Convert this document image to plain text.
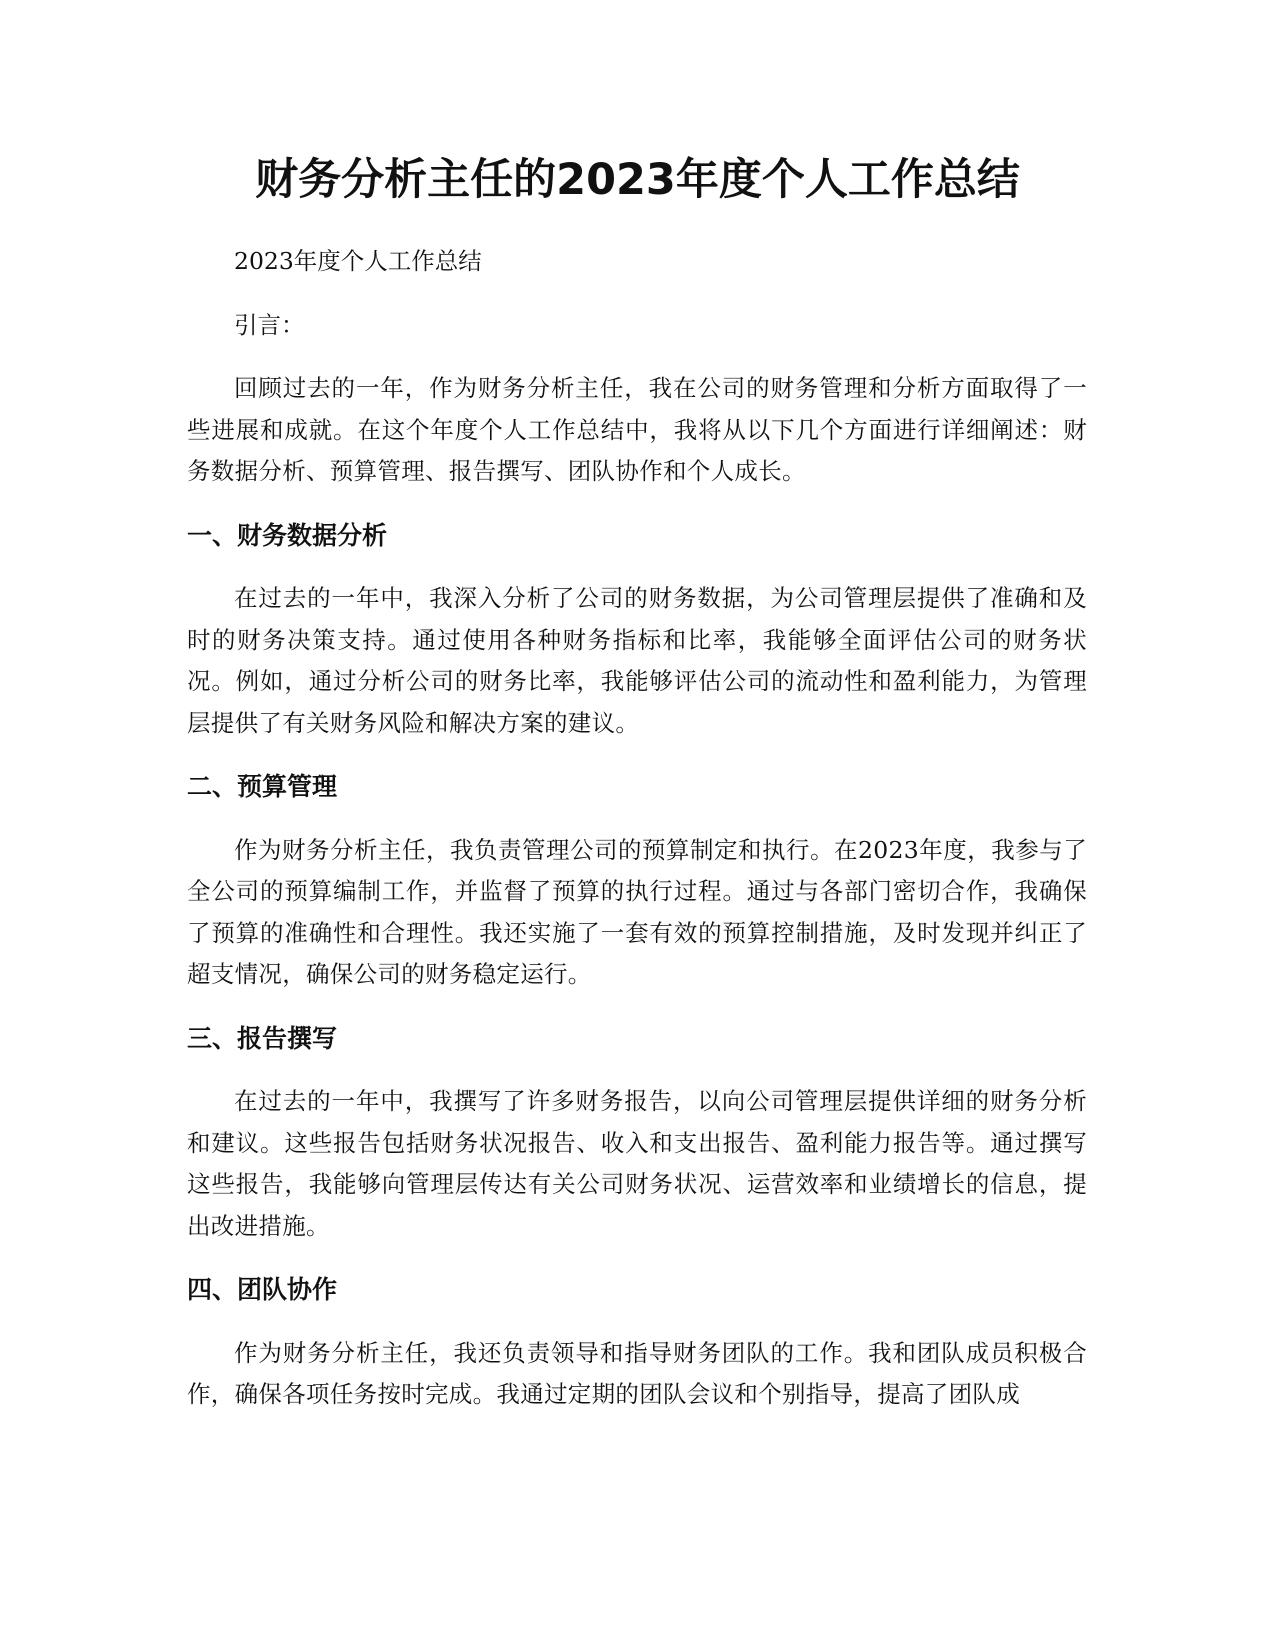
财务分析主任的2023年度个人工作总结

2023年度个人工作总结

引言：

回顾过去的一年，作为财务分析主任，我在公司的财务管理和分析方面取得了一些进展和成就。在这个年度个人工作总结中，我将从以下几个方面进行详细阐述：财务数据分析、预算管理、报告撰写、团队协作和个人成长。

一、财务数据分析

在过去的一年中，我深入分析了公司的财务数据，为公司管理层提供了准确和及时的财务决策支持。通过使用各种财务指标和比率，我能够全面评估公司的财务状况。例如，通过分析公司的财务比率，我能够评估公司的流动性和盈利能力，为管理层提供了有关财务风险和解决方案的建议。

二、预算管理

作为财务分析主任，我负责管理公司的预算制定和执行。在2023年度，我参与了全公司的预算编制工作，并监督了预算的执行过程。通过与各部门密切合作，我确保了预算的准确性和合理性。我还实施了一套有效的预算控制措施，及时发现并纠正了超支情况，确保公司的财务稳定运行。

三、报告撰写

在过去的一年中，我撰写了许多财务报告，以向公司管理层提供详细的财务分析和建议。这些报告包括财务状况报告、收入和支出报告、盈利能力报告等。通过撰写这些报告，我能够向管理层传达有关公司财务状况、运营效率和业绩增长的信息，提出改进措施。

四、团队协作

作为财务分析主任，我还负责领导和指导财务团队的工作。我和团队成员积极合作，确保各项任务按时完成。我通过定期的团队会议和个别指导，提高了团队成
